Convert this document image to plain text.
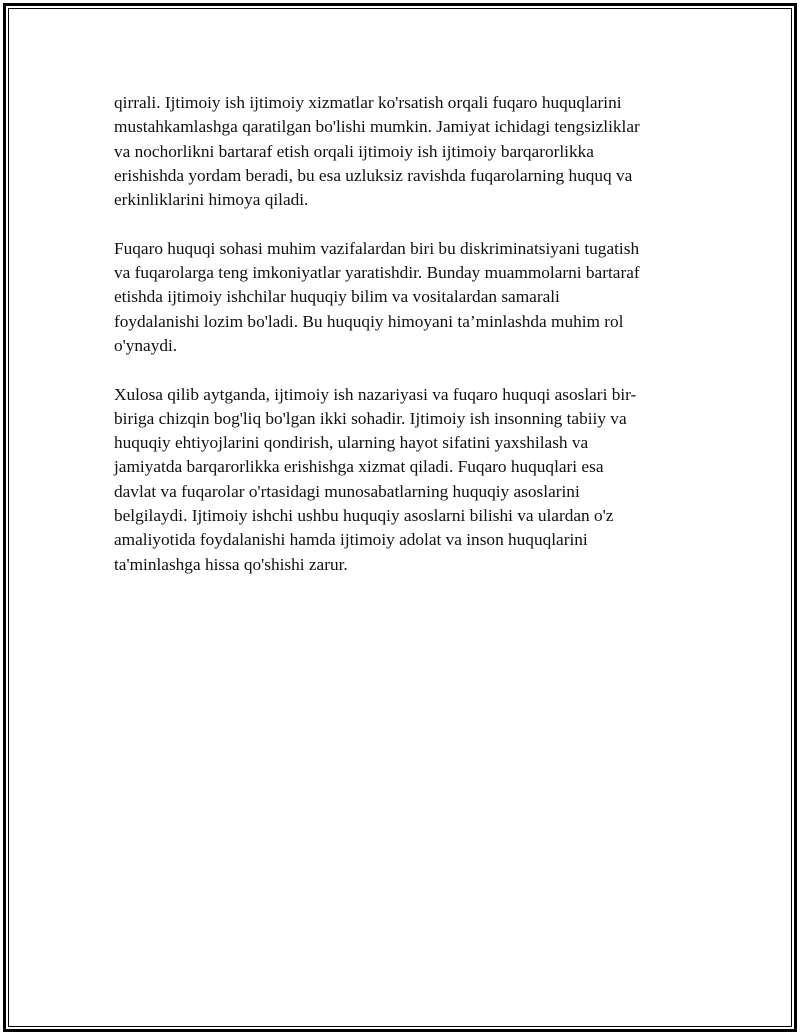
qirrali. Ijtimoiy ish ijtimoiy xizmatlar ko'rsatish orqali fuqaro huquqlarini
mustahkamlashga qaratilgan bo'lishi mumkin. Jamiyat ichidagi tengsizliklar
va nochorlikni bartaraf etish orqali ijtimoiy ish ijtimoiy barqarorlikka
erishishda yordam beradi, bu esa uzluksiz ravishda fuqarolarning huquq va
erkinliklarini himoya qiladi.

Fuqaro huquqi sohasi muhim vazifalardan biri bu diskriminatsiyani tugatish
va fuqarolarga teng imkoniyatlar yaratishdir. Bunday muammolarni bartaraf
etishda ijtimoiy ishchilar huquqiy bilim va vositalardan samarali
foydalanishi lozim bo'ladi. Bu huquqiy himoyani ta’minlashda muhim rol
o'ynaydi.

Xulosa qilib aytganda, ijtimoiy ish nazariyasi va fuqaro huquqi asoslari bir-
biriga chizqin bog'liq bo'lgan ikki sohadir. Ijtimoiy ish insonning tabiiy va
huquqiy ehtiyojlarini qondirish, ularning hayot sifatini yaxshilash va
jamiyatda barqarorlikka erishishga xizmat qiladi. Fuqaro huquqlari esa
davlat va fuqarolar o'rtasidagi munosabatlarning huquqiy asoslarini
belgilaydi. Ijtimoiy ishchi ushbu huquqiy asoslarni bilishi va ulardan o'z
amaliyotida foydalanishi hamda ijtimoiy adolat va inson huquqlarini
ta'minlashga hissa qo'shishi zarur.
